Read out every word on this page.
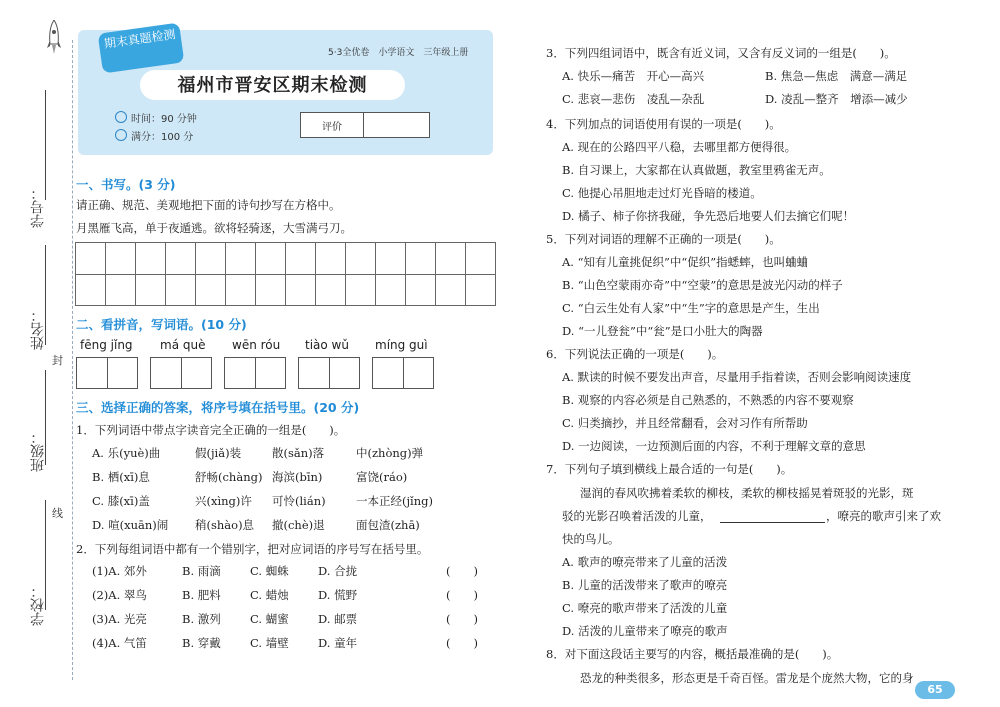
学号：
姓名：
班级：
学校：
封
线
期末真题检测
5·3全优卷　小学语文　三年级上册
福州市晋安区期末检测
时间：90 分钟
满分：100 分
评价
一、书写。(3 分)
请正确、规范、美观地把下面的诗句抄写在方格中。
月黑雁飞高，单于夜遁逃。欲将轻骑逐，大雪满弓刀。
二、看拼音，写词语。(10 分)
fēng jǐng má què wēn róu tiào wǔ míng guì
三、选择正确的答案，将序号填在括号里。(20 分)
1．下列词语中带点字读音完全正确的一组是(　　)。
A. 乐(yuè)曲	假(jiǎ)装	散(sǎn)落	中(zhòng)弹
B. 栖(xī)息	舒畅(chàng) 海滨(bīn)	富饶(ráo)
C. 膝(xī)盖	兴(xìng)许 可怜(lián)	一本正经(jǐng)
D. 喧(xuān)闹 稍(shào)息 撤(chè)退	面包渣(zhā)
2．下列每组词语中都有一个错别字，把对应词语的序号写在括号里。
(1)A. 郊外	B. 雨滴	C. 蜘蛛	D. 合拢	(　　)
(2)A. 翠鸟	B. 肥料	C. 蜡烛	D. 慌野	(　　)
(3)A. 光亮	B. 激列	C. 蝴蜜	D. 邮票	(　　)
(4)A. 气笛	B. 穿戴	C. 墙壁	D. 童年	(　　)
3．下列四组词语中，既含有近义词，又含有反义词的一组是(　　)。
A. 快乐—痛苦　开心—高兴	B. 焦急—焦虑　满意—满足
C. 悲哀—悲伤　凌乱—杂乱	D. 凌乱—整齐　增添—减少
4．下列加点的词语使用有误的一项是(　　)。
A. 现在的公路四平八稳，去哪里都方便得很。
B. 自习课上，大家都在认真做题，教室里鸦雀无声。
C. 他提心吊胆地走过灯光昏暗的楼道。
D. 橘子、柿子你挤我碰，争先恐后地要人们去摘它们呢！
5．下列对词语的理解不正确的一项是(　　)。
A. “知有儿童挑促织”中“促织”指蟋蟀，也叫蛐蛐
B. “山色空蒙雨亦奇”中“空蒙”的意思是波光闪动的样子
C. “白云生处有人家”中“生”字的意思是产生，生出
D. “一儿登瓮”中“瓮”是口小肚大的陶器
6．下列说法正确的一项是(　　)。
A. 默读的时候不要发出声音，尽量用手指着读，否则会影响阅读速度
B. 观察的内容必须是自己熟悉的，不熟悉的内容不要观察
C. 归类摘抄，并且经常翻看，会对习作有所帮助
D. 一边阅读，一边预测后面的内容，不利于理解文章的意思
7．下列句子填到横线上最合适的一句是(　　)。
湿润的春风吹拂着柔软的柳枝，柔软的柳枝摇晃着斑驳的光影，斑
驳的光影召唤着活泼的儿童，	，嘹亮的歌声引来了欢
快的鸟儿。
A. 歌声的嘹亮带来了儿童的活泼
B. 儿童的活泼带来了歌声的嘹亮
C. 嘹亮的歌声带来了活泼的儿童
D. 活泼的儿童带来了嘹亮的歌声
8．对下面这段话主要写的内容，概括最准确的是(　　)。
恐龙的种类很多，形态更是千奇百怪。雷龙是个庞然大物，它的身
65
